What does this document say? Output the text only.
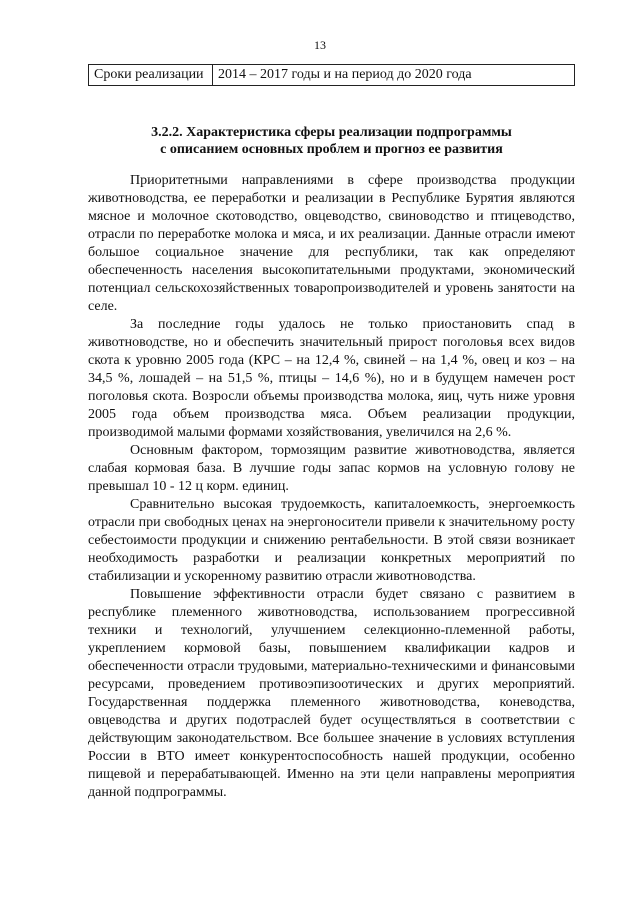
13
Сроки реализации	2014 – 2017 годы и на период до 2020 года
3.2.2. Характеристика сферы реализации подпрограммы
с описанием основных проблем и прогноз ее развития

Приоритетными направлениями в сфере производства продукции животноводства, ее переработки и реализации в Республике Бурятия являются мясное и молочное скотоводство, овцеводство, свиноводство и птицеводство, отрасли по переработке молока и мяса, и их реализации. Данные отрасли имеют большое социальное значение для республики, так как определяют обеспеченность населения высокопитательными продуктами, экономический потенциал сельскохозяйственных товаропроизводителей и уровень занятости на селе.

За последние годы удалось не только приостановить спад в животноводстве, но и обеспечить значительный прирост поголовья всех видов скота к уровню 2005 года (КРС – на 12,4 %, свиней – на 1,4 %, овец и коз – на 34,5 %, лошадей – на 51,5 %, птицы – 14,6 %), но и в будущем намечен рост поголовья скота. Возросли объемы производства молока, яиц, чуть ниже уровня 2005 года объем производства мяса. Объем реализации продукции, производимой малыми формами хозяйствования, увеличился на 2,6 %.

Основным фактором, тормозящим развитие животноводства, является слабая кормовая база. В лучшие годы запас кормов на условную голову не превышал 10 - 12 ц корм. единиц.

Сравнительно высокая трудоемкость, капиталоемкость, энергоемкость отрасли при свободных ценах на энергоносители привели к значительному росту себестоимости продукции и снижению рентабельности. В этой связи возникает необходимость разработки и реализации конкретных мероприятий по стабилизации и ускоренному развитию отрасли животноводства.

Повышение эффективности отрасли будет связано с развитием в республике племенного животноводства, использованием прогрессивной техники и технологий, улучшением селекционно-племенной работы, укреплением кормовой базы, повышением квалификации кадров и обеспеченности отрасли трудовыми, материально-техническими и финансовыми ресурсами, проведением противоэпизоотических и других мероприятий. Государственная поддержка племенного животноводства, коневодства, овцеводства и других подотраслей будет осуществляться в соответствии с действующим законодательством. Все большее значение в условиях вступления России в ВТО имеет конкурентоспособность нашей продукции, особенно пищевой и перерабатывающей. Именно на эти цели направлены мероприятия данной подпрограммы.
